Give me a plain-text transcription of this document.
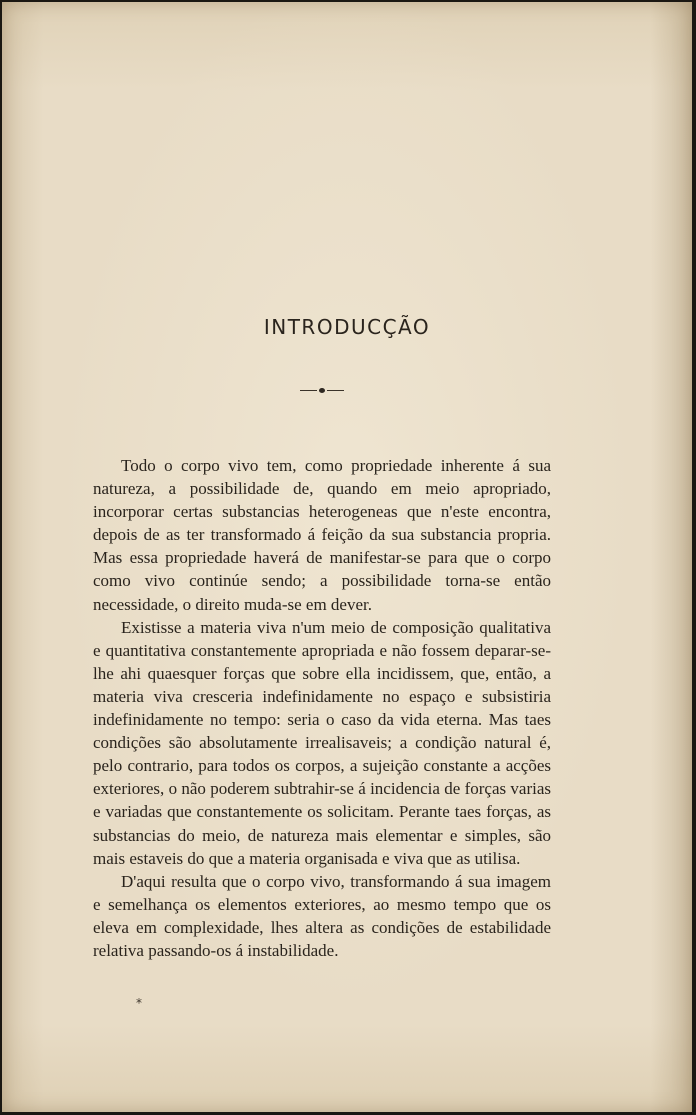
INTRODUCÇÃO

Todo o corpo vivo tem, como propriedade inherente á sua natureza, a possibilidade de, quando em meio apropriado, incorporar certas substancias heterogeneas que n'este encontra, depois de as ter transformado á feição da sua substancia propria. Mas essa propriedade haverá de manifestar-se para que o corpo como vivo continúe sendo; a possibilidade torna-se então necessidade, o direito muda-se em dever.

Existisse a materia viva n'um meio de composição qualitativa e quantitativa constantemente apropriada e não fossem deparar-se-lhe ahi quaesquer forças que sobre ella incidissem, que, então, a materia viva cresceria indefinidamente no espaço e subsistiria indefinidamente no tempo: seria o caso da vida eterna. Mas taes condições são absolutamente irrealisaveis; a condição natural é, pelo contrario, para todos os corpos, a sujeição constante a acções exteriores, o não poderem subtrahir-se á incidencia de forças varias e variadas que constantemente os solicitam. Perante taes forças, as substancias do meio, de natureza mais elementar e simples, são mais estaveis do que a materia organisada e viva que as utilisa.

D'aqui resulta que o corpo vivo, transformando á sua imagem e semelhança os elementos exteriores, ao mesmo tempo que os eleva em complexidade, lhes altera as condições de estabilidade relativa passando-os á instabilidade.

*
